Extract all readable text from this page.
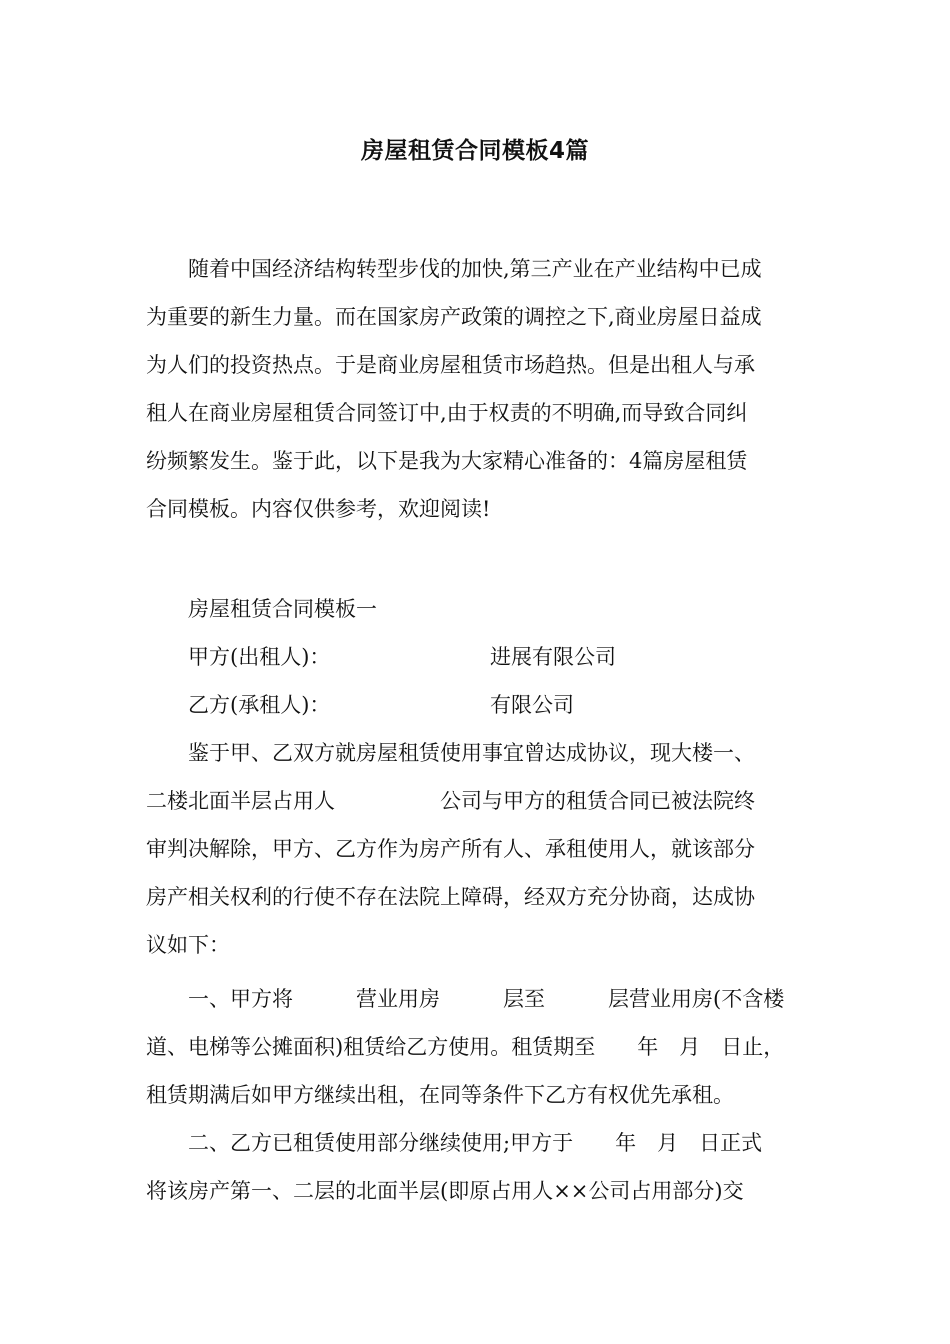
房屋租赁合同模板4篇
随着中国经济结构转型步伐的加快,第三产业在产业结构中已成
为重要的新生力量。而在国家房产政策的调控之下,商业房屋日益成
为人们的投资热点。于是商业房屋租赁市场趋热。但是出租人与承
租人在商业房屋租赁合同签订中,由于权责的不明确,而导致合同纠
纷频繁发生。鉴于此，以下是我为大家精心准备的：4篇房屋租赁
合同模板。内容仅供参考，欢迎阅读!
房屋租赁合同模板一
甲方(出租人)：	进展有限公司
乙方(承租人)：	有限公司
鉴于甲、乙双方就房屋租赁使用事宜曾达成协议，现大楼一、
二楼北面半层占用人　　　　　公司与甲方的租赁合同已被法院终
审判决解除，甲方、乙方作为房产所有人、承租使用人，就该部分
房产相关权利的行使不存在法院上障碍，经双方充分协商，达成协
议如下：
一、甲方将　　　营业用房　　　层至　　　层营业用房(不含楼
道、电梯等公摊面积)租赁给乙方使用。租赁期至　　年　月　日止，
租赁期满后如甲方继续出租，在同等条件下乙方有权优先承租。
二、乙方已租赁使用部分继续使用;甲方于　　年　月　日正式
将该房产第一、二层的北面半层(即原占用人××公司占用部分)交
